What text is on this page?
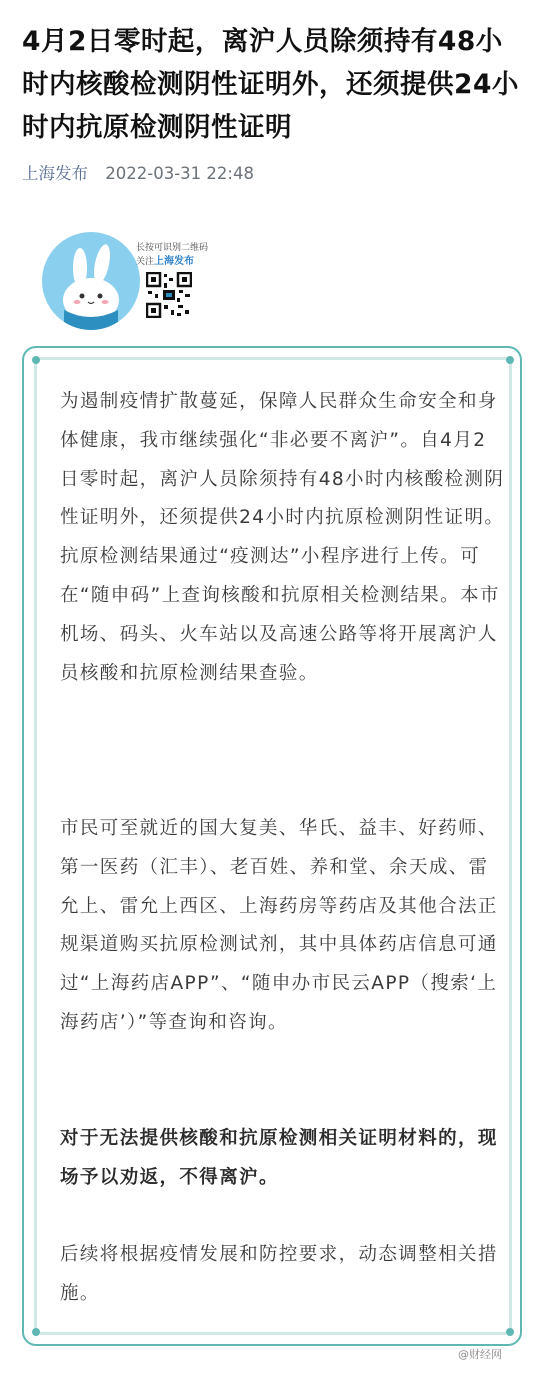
4月2日零时起，离沪人员除须持有48小时内核酸检测阴性证明外，还须提供24小时内抗原检测阴性证明
上海发布 2022-03-31 22:48
长按可识别二维码
关注上海发布
为遏制疫情扩散蔓延，保障人民群众生命安全和身体健康，我市继续强化“非必要不离沪”。自4月2日零时起，离沪人员除须持有48小时内核酸检测阴性证明外，还须提供24小时内抗原检测阴性证明。抗原检测结果通过“疫测达”小程序进行上传。可在“随申码”上查询核酸和抗原相关检测结果。本市机场、码头、火车站以及高速公路等将开展离沪人员核酸和抗原检测结果查验。
市民可至就近的国大复美、华氏、益丰、好药师、第一医药（汇丰）、老百姓、养和堂、余天成、雷允上、雷允上西区、上海药房等药店及其他合法正规渠道购买抗原检测试剂，其中具体药店信息可通过“上海药店APP”、“随申办市民云APP（搜索‘上海药店’）”等查询和咨询。
对于无法提供核酸和抗原检测相关证明材料的，现场予以劝返，不得离沪。
后续将根据疫情发展和防控要求，动态调整相关措施。
@财经网
